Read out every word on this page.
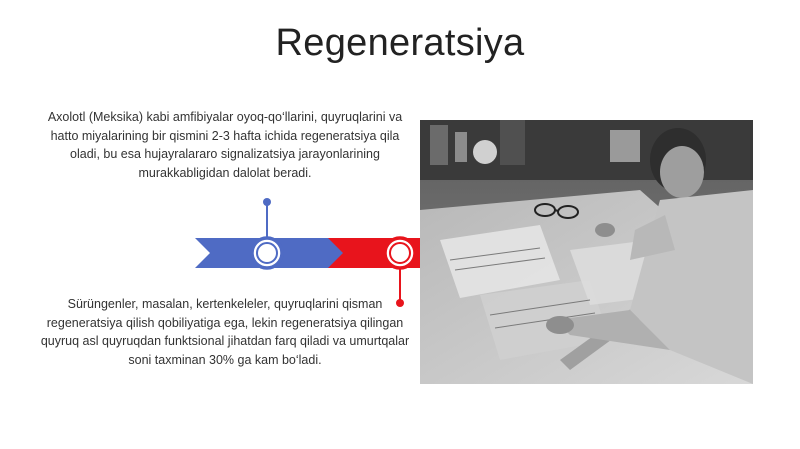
Regeneratsiya
Axolotl (Meksika) kabi amfibiyalar oyoq-qo‘llarini, quyruqlarini va hatto miyalarining bir qismini 2-3 hafta ichida regeneratsiya qila oladi, bu esa hujayralararo signalizatsiya jarayonlarining murakkabligidan dalolat beradi.
Sürüngenler, masalan, kertenkeleler, quyruqlarini qisman regeneratsiya qilish qobiliyatiga ega, lekin regeneratsiya qilingan quyruq asl quyruqdan funktsional jihatdan farq qiladi va umurtqalar soni taxminan 30% ga kam bo‘ladi.
